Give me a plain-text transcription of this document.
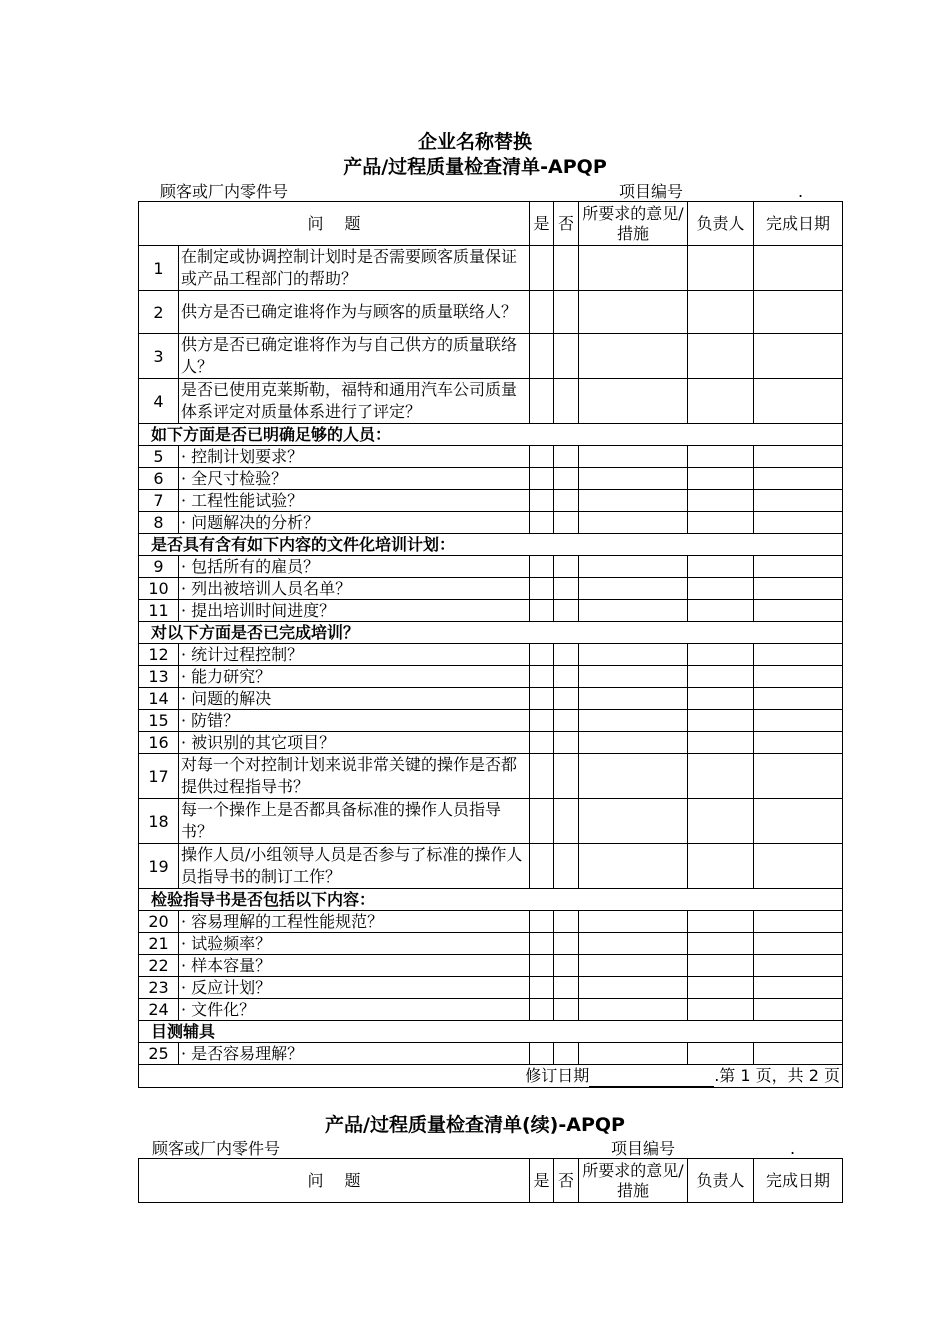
企业名称替换
产品/过程质量检查清单-APQP
顾客或厂内零件号	项目编号	.
问　 题		是	否	所要求的意见/措施	负责人	完成日期
1	在制定或协调控制计划时是否需要顾客质量保证或产品工程部门的帮助？					
2	供方是否已确定谁将作为与顾客的质量联络人？					
3	供方是否已确定谁将作为与自己供方的质量联络人？					
4	是否已使用克莱斯勒，福特和通用汽车公司质量体系评定对质量体系进行了评定？					
如下方面是否已明确足够的人员：						
5	· 控制计划要求？					
6	· 全尺寸检验？					
7	· 工程性能试验？					
8	· 问题解决的分析？					
是否具有含有如下内容的文件化培训计划：						
9	· 包括所有的雇员？					
10	· 列出被培训人员名单？					
11	· 提出培训时间进度？					
对以下方面是否已完成培训？						
12	· 统计过程控制？					
13	· 能力研究？					
14	· 问题的解决					
15	· 防错？					
16	· 被识别的其它项目？					
17	对每一个对控制计划来说非常关键的操作是否都提供过程指导书？					
18	每一个操作上是否都具备标准的操作人员指导书？					
19	操作人员/小组领导人员是否参与了标准的操作人员指导书的制订工作？					
检验指导书是否包括以下内容：						
20	· 容易理解的工程性能规范？					
21	· 试验频率？					
22	· 样本容量？					
23	· 反应计划？					
24	· 文件化？					
目测辅具						
25	· 是否容易理解？					
修订日期 .第 1 页，共 2 页						
产品/过程质量检查清单(续)-APQP
顾客或厂内零件号	项目编号	.
问　 题	是	否	所要求的意见/措施	负责人	完成日期
